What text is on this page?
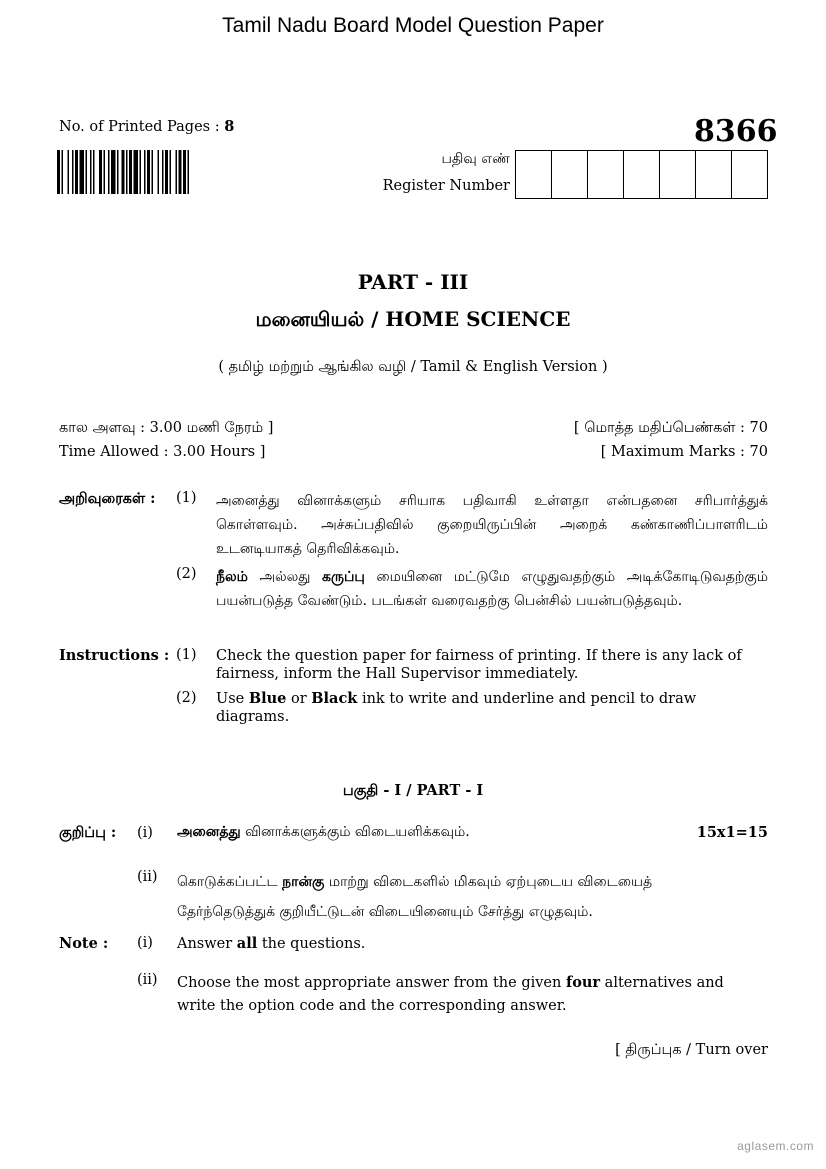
Tamil Nadu Board Model Question Paper
No. of Printed Pages : 8	8366
பதிவு எண்
Register Number
PART - III
மனையியல் / HOME SCIENCE
( தமிழ் மற்றும் ஆங்கில வழி / Tamil & English Version )
கால அளவு : 3.00 மணி நேரம் ]
Time Allowed : 3.00 Hours ]
[ மொத்த மதிப்பெண்கள் : 70
[ Maximum Marks : 70
அறிவுரைகள் : (1) அனைத்து வினாக்களும் சரியாக பதிவாகி உள்ளதா என்பதனை சரிபார்த்துக் கொள்ளவும். அச்சுப்பதிவில் குறையிருப்பின் அறைக் கண்காணிப்பாளரிடம் உடனடியாகத் தெரிவிக்கவும்.
(2) நீலம் அல்லது கருப்பு மையினை மட்டுமே எழுதுவதற்கும் அடிக்கோடிடுவதற்கும் பயன்படுத்த வேண்டும். படங்கள் வரைவதற்கு பென்சில் பயன்படுத்தவும்.
Instructions : (1) Check the question paper for fairness of printing. If there is any lack of fairness, inform the Hall Supervisor immediately.
(2) Use Blue or Black ink to write and underline and pencil to draw diagrams.
பகுதி - I / PART - I
குறிப்பு : (i) அனைத்து வினாக்களுக்கும் விடையளிக்கவும்.	15x1=15
(ii) கொடுக்கப்பட்ட நான்கு மாற்று விடைகளில் மிகவும் ஏற்புடைய விடையைத் தேர்ந்தெடுத்துக் குறியீட்டுடன் விடையினையும் சேர்த்து எழுதவும்.
Note : (i) Answer all the questions.
(ii) Choose the most appropriate answer from the given four alternatives and write the option code and the corresponding answer.
[ திருப்புக / Turn over
aglasem.com
